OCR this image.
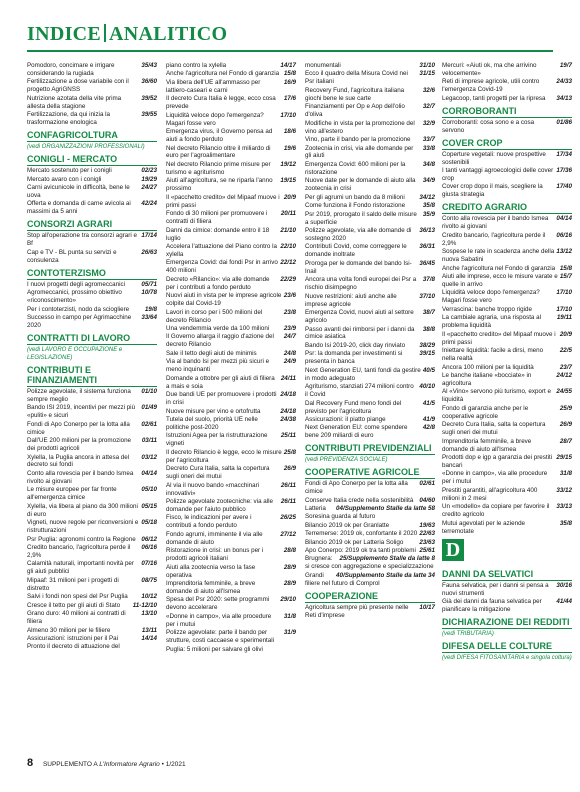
INDICE ANALITICO
35/43
Pomodoro, concimare e irrigare considerando la rugiada
36/60
Fertilizzazione a dose variabile con il progetto AgriGNSS
39/52
Nutrizione azotata della vite prima allesta della stagione
39/55
Fertilizzazione, da qui inizia la trasformazione enologica
CONFAGRICOLTURA
(vedi ORGANIZZAZIONI PROFESSIONALI)
CONIGLI - MERCATO
02/23
Mercato sostenuto per i conigli
19/29
Mercato avaro con i conigli
24/27
Carni avicunicole in difficoltà, bene le uova
42/24
Offerta e domanda di carne avicola ai massimi da 5 anni
CONSORZI AGRARI
17/14
Stop all'operazione tra consorzi agrari e Bf
26/63
Cap e TV - BL punta su servizi e consulenza
CONTOTERZISMO
05/71
I nuovi progetti degli agromeccanici
10/78
Agromeccanici, prossimo obiettivo «riconoscimento»
19/8
Per i contoterzisti, nodo da sciogliere
33/64
Successo in campo per Agrimacchine 2020
CONTRATTI DI LAVORO
(vedi LAVORO E OCCUPAZIONE e LEGISLAZIONE)
CONTRIBUTI E FINANZIAMENTI
01/10
Polizze agevolate, il sistema funziona sempre meglio
01/49
Bando ISI 2019, incentivi per mezzi più «puliti» e sicuri
02/61
Fondi di Apo Conerpo per la lotta alla cimice
03/11
Dall'UE 200 milioni per la promozione dei prodotti agricoli
03/12
Xylella, la Puglia ancora in attesa del decreto sui fondi
04/14
Conto alla rovescia per il bando Ismea rivolto ai giovani
05/10
Le misure europee per far fronte all'emergenza cimice
05/15
Xylella, via libera al piano da 300 milioni di euro
05/18
Vigneti, nuove regole per riconversioni e ristrutturazioni
06/12
Psr Puglia: agronomi contro la Regione
06/16
Credito bancario, l'agricoltura perde il 2,9%
07/16
Calamità naturali, importanti novità per gli aiuti pubblici
08/75
Mipaaf: 31 milioni per i progetti di distretto
10/12
Salvi i fondi non spesi del Psr Puglia
11-12/10
Cresce il tetto per gli aiuti di Stato
13/10
Grano duro: 40 milioni ai contratti di filiera
13/11
Almeno 30 milioni per le filiere
14/14
Assicurazioni: istruzioni per il Pai
Pronto il decreto di attuazione del
14/17
piano contro la xylella
15/8
Anche l'agricoltura nel Fondo di garanzia
16/9
Via libera dell'UE all'ammasso per lattiero-caseari e carni
17/6
Il decreto Cura Italia è legge, ecco cosa prevede
17/10
Liquidità veloce dopo l'emergenza? Magari fosse vero
18/6
Emergenza virus, il Governo pensa ad aiuti a fondo perduto
19/6
Nel decreto Rilancio oltre il miliardo di euro per l'agroalimentare
19/12
Nel decreto Rilancio prime misure per turismo e agriturismo
19/15
Aiuti all'agricoltura, se ne riparla l'anno prossimo
20/9
Il «pacchetto credito» del Mipaaf muove i primi passi
20/11
Fondo di 30 milioni per promuovere i contratti di filiera
21/10
Danni da cimice: domande entro il 18 luglio
22/10
Accelera l'attuazione del Piano contro la xylella
22/12
Emergenza Covid: dai fondi Psr in arrivo 400 milioni
22/29
Decreto «Rilancio»: via alle domande per i contributi a fondo perduto
23/6
Nuovi aiuti in vista per le imprese agricole colpite dal Covid-19
23/8
Lavori in corso per i 500 milioni del decreto Rilancio
23/9
Una vendemmia verde da 100 milioni
24/7
Il Governo allarga il raggio d'azione del decreto Rilancio
24/8
Sale il tetto degli aiuti de minimis
24/9
Via al bando Isi per mezzi più sicuri e meno inquinanti
24/11
Domande a ottobre per gli aiuti di filiera a mais e soia
24/18
Due bandi UE per promuovere i prodotti in crisi
24/18
Nuove misure per vino e ortofrutta
24/38
Tutela del suolo, priorità UE nelle politiche post-2020
25/11
Istruzioni Agea per la ristrutturazione vigneti
25/8
Il decreto Rilancio è legge, ecco le misure per l'agricoltura
26/9
Decreto Cura Italia, salta la copertura sugli oneri dei mutui
26/11
Al via il nuovo bando «macchinari innovativi»
26/11
Polizze agevolate zootecniche: via alle domande per l'aiuto pubblico
26/25
Fisco, le indicazioni per avere i contributi a fondo perduto
27/12
Fondo agrumi, imminente il via alle domande di aiuto
28/8
Ristorazione in crisi: un bonus per i prodotti agricoli italiani
28/9
Aiuti alla zootecnia verso la fase operativa
28/9
Imprenditoria femminile, a breve domande di aiuto all'Ismea
29/10
Spesa del Psr 2020: sette programmi devono accelerare
31/8
«Donne in campo», via alle procedure per i mutui
31/9
Polizze agevolate: parte il bando per strutture, costi caccaese e sperimentali
Puglia: 5 milioni per salvare gli olivi
31/10
monumentali
31/15
Ecco il quadro della Misura Covid nei Psr italiani
32/6
Recovery Fund, l'agricoltura italiana giochi bene le sue carte
32/7
Finanziamenti per Op e Aop dell'olio d'oliva
32/9
Modifiche in vista per la promozione del vino all'estero
33/7
Vino, parte il bando per la promozione
33/8
Zootecnia in crisi, via alle domande per gli aiuti
34/8
Emergenza Covid: 600 milioni per la ristorazione
34/9
Nuove date per le domande di aiuto alla zootecnia in crisi
34/12
Per gli agrumi un bando da 8 milioni
35/8
Come funziona il Fondo ristorazione
35/9
Psr 2019, prorogato il saldo delle misure a superficie
36/13
Polizze agevolate, via alle domande di sostegno 2020
36/31
Contributi Covid, come correggere le domande inoltrate
36/45
Proroga per le domande del bando Isi-Inail
37/8
Ancora una volta fondi europei dei Psr a rischio disimpegno
37/10
Nuove restrizioni: aiuti anche alle imprese agricole
38/7
Emergenza Covid, nuovi aiuti al settore agricolo
38/8
Passo avanti dei rimborsi per i danni da cimice asiatica
38/29
Bando Isi 2019-20, click day rinviato
39/15
Psr: la domanda per investimenti si presenta in banca
40/5
Next Generation EU, tanti fondi da gestire in modo adeguato
40/10
Agriturismo, stanziati 274 milioni contro il Covid
41/5
Dal Recovery Fund meno fondi del previsto per l'agricoltura
41/9
Assicurazioni: il piatto piange
42/8
Next Generation EU: come spendere bene 209 miliardi di euro
CONTRIBUTI PREVIDENZIALI
(vedi PREVIDENZA SOCIALE)
COOPERATIVE AGRICOLE
02/61
Fondi di Apo Conerpo per la lotta alla cimice
04/60
Conserve Italia crede nella sostenibilità
04/Supplemento Stalle da latte 58
Latteria Soresina guarda al futuro
19/63
Bilancio 2019 ok per Granlatte
22/63
Terremerse: 2019 ok, confortante il 2020
23/63
Bilancio 2019 ok per Latteria Soligo
25/61
Apo Conerpo: 2019 ok tra tanti problemi
25/Supplemento Stalle da latte 8
Brugnera: si cresce con aggregazione e specializzazione
40/Supplemento Stalle da latte 34
Grandi filiere nel futuro di Comprol
COOPERAZIONE
10/17
Agricoltura sempre più presente nelle Reti d'imprese
19/7
Mercuri: «Aiuti ok, ma che arrivino velocemente»
24/33
Reti di imprese agricole, utili contro l'emergenza Covid-19
34/13
Legacoop, tanti progetti per la ripresa
CORROBORANTI
01/86
Corroboranti: cosa sono e a cosa servono
COVER CROP
17/34
Coperture vegetali: nuove prospettive sostenibili
17/36
I tanti vantaggi agroecologici delle cover crop
17/40
Cover crop dopo il mais, scegliere la giusta strategia
CREDITO AGRARIO
04/14
Conto alla rovescia per il bando Ismea rivolto ai giovani
06/16
Credito bancario, l'agricoltura perde il 2,9%
13/12
Sospese le rate in scadenza anche della nuova Sabatini
15/8
Anche l'agricoltura nel Fondo di garanzia
15/7
Aiuti alle imprese, ecco le misure varate e quelle in arrivo
17/10
Liquidità veloce dopo l'emergenza? Magari fosse vero
17/10
Verrascina: banche troppo rigide
19/11
La cambiale agraria, una risposta al problema liquidità
20/9
Il «pacchetto credito» del Mipaaf muove i primi passi
22/5
Iniettare liquidità: facile a dirsi, meno nella realtà
23/7
Ancora 100 milioni per la liquidità
24/12
Le banche italiane «bocciate» in agricoltura
24/55
Al «Vino» servono più turismo, export e liquidità
25/9
Fondo di garanzia anche per le cooperative agricole
26/9
Decreto Cura Italia, salta la copertura sugli oneri dei mutui
28/7
Imprenditoria femminile, a breve domande di aiuto all'Ismea
29/15
Prodotti dop e igp a garanzia dei prestiti bancari
31/8
«Donne in campo», via alle procedure per i mutui
33/12
Prestiti garantiti, all'agricoltura 400 milioni in 2 mesi
33/13
Un «modello» da copiare per favorire il credito agricolo
35/8
Mutui agevolati per le aziende terremotate
D
DANNI DA SELVATICI
30/16
Fauna selvatica, per i danni si pensa a nuovi strumenti
41/44
Già dei danni da fauna selvatica per pianificare la mitigazione
DICHIARAZIONE DEI REDDITI
(vedi TRIBUTARIA)
DIFESA DELLE COLTURE
(vedi DIFESA FITOSANITARIA e singola coltura)
8 SUPPLEMENTO A L'Informatore Agrario • 1/2021
